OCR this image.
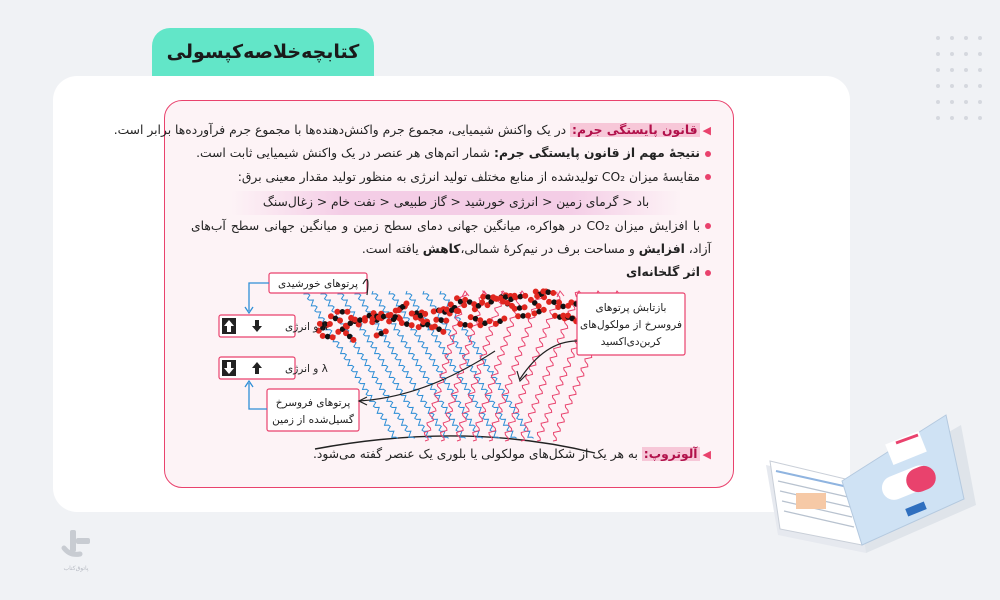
کتابچه‌خلاصه‌کپسولی
◀قانون پایستگی جرم: در یک واکنش شیمیایی، مجموع جرم واکنش‌دهنده‌ها با مجموع جرم فرآورده‌ها برابر است.
نتیجهٔ مهم از قانون پایستگی جرم: شمار اتم‌های هر عنصر در یک واکنش شیمیایی ثابت است.
مقایسهٔ میزان CO₂ تولیدشده از منابع مختلف تولید انرژی به منظور تولید مقدار معینی برق:
باد < گرمای زمین < انرژی خورشید < گاز طبیعی < نفت خام < زغال‌سنگ
با افزایش میزان CO₂ در هواکره، میانگین جهانی دمای سطح زمین و میانگین جهانی سطح آب‌های آزاد، افزایش و مساحت برف در نیم‌کرهٔ شمالی،کاهش یافته است.
اثر گلخانه‌ای
پرتوهای خورشیدی
پرتوهای فروسرخ
گسیل‌شده از زمین
بازتابش پرتوهای
فروسرخ از مولکول‌های
کربن‌دی‌اکسید
λ و انرژی
λ و انرژی
◀آلوتروپ: به هر یک از شکل‌های مولکولی یا بلوری یک عنصر گفته می‌شود.
پاتوق‌کتاب
